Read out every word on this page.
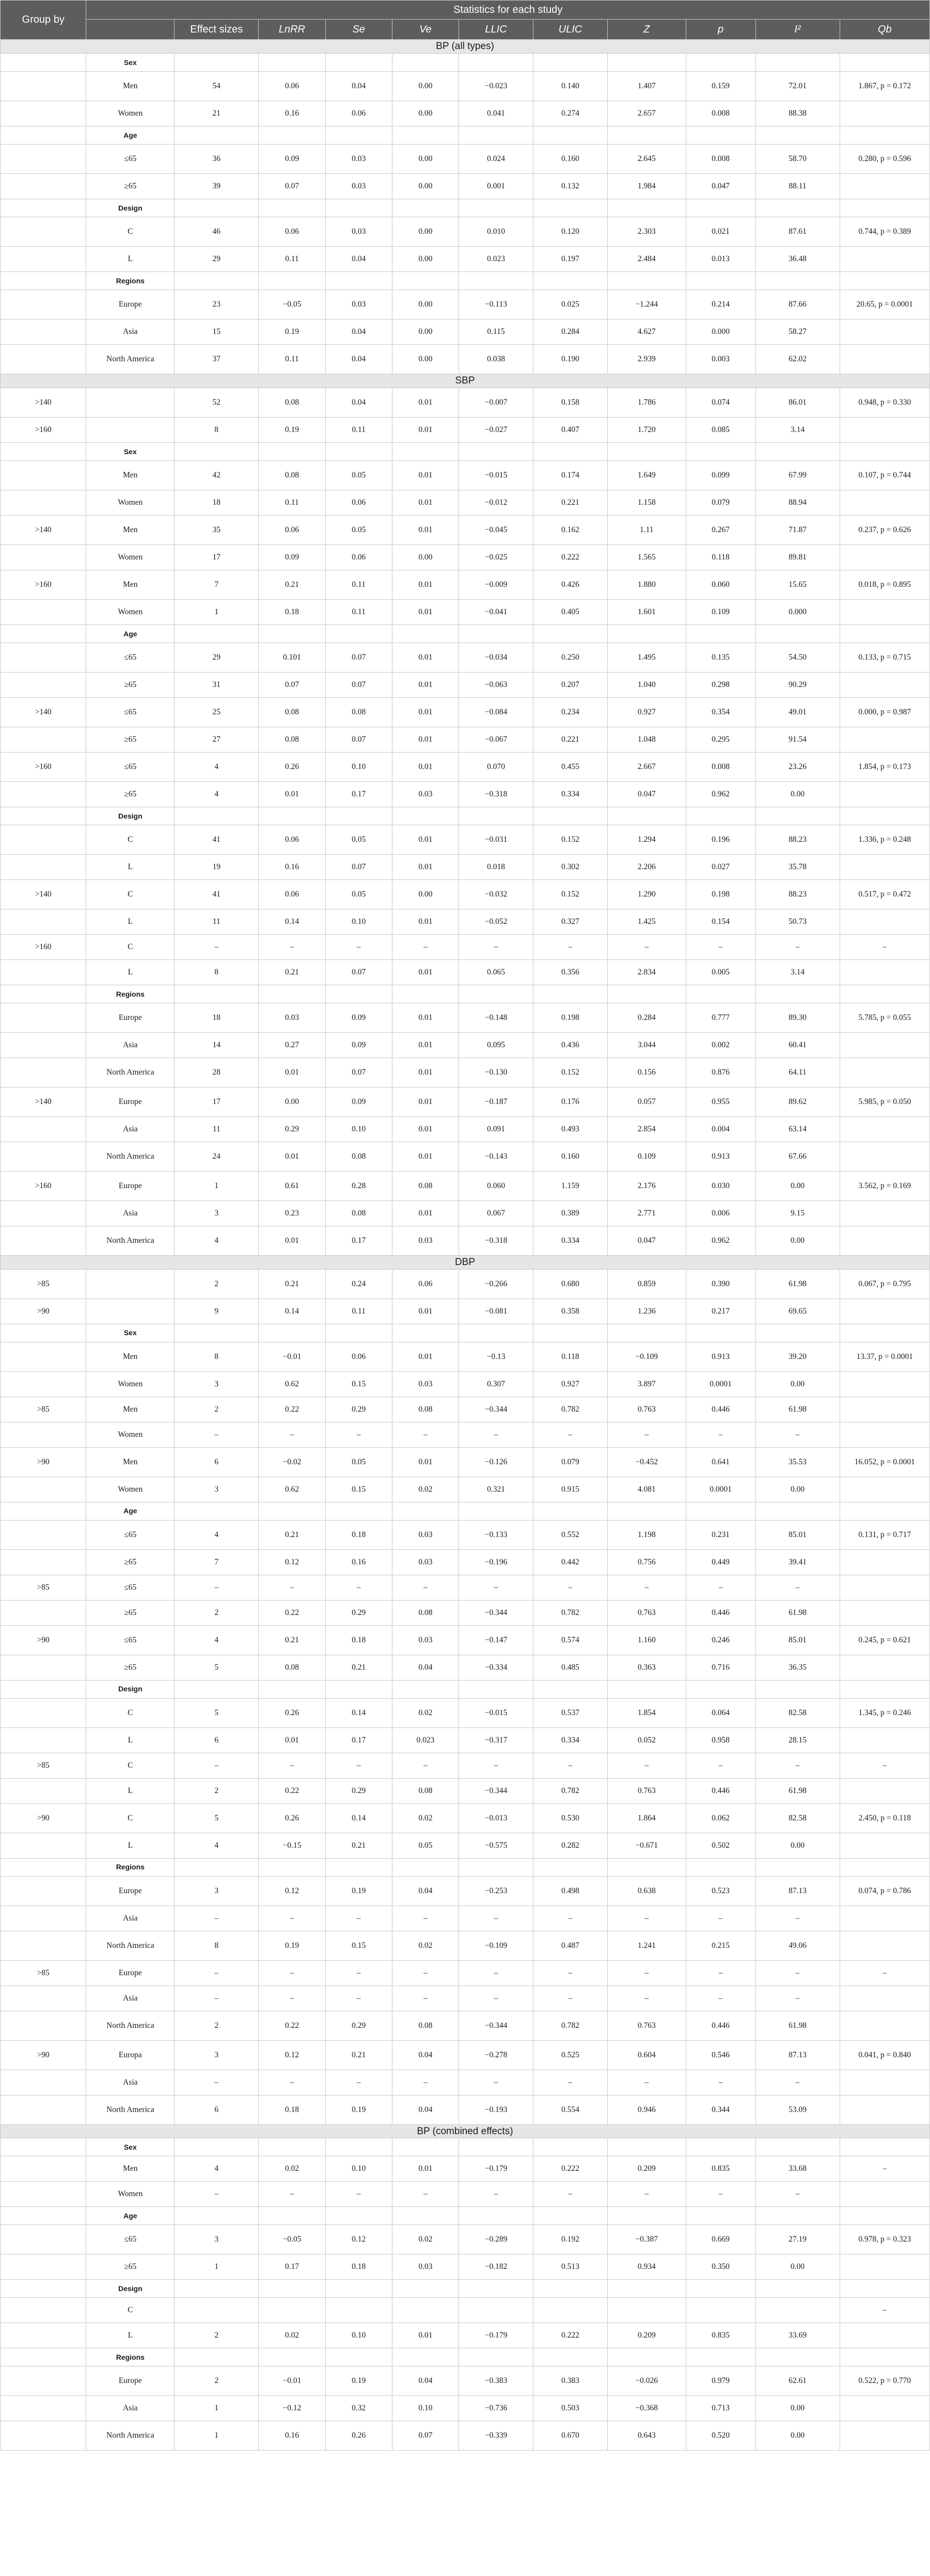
Group by	Statistics for each study										
		Effect sizes	LnRR	Se	Ve	LLIC	ULIC	Z	p	I²	Qb
BP (all types)											
	Sex										
	Men	54	0.06	0.04	0.00	−0.023	0.140	1.407	0.159	72.01	1.867, p = 0.172
	Women	21	0.16	0.06	0.00	0.041	0.274	2.657	0.008	88.38	
	Age										
	≤65	36	0.09	0.03	0.00	0.024	0.160	2.645	0.008	58.70	0.280, p = 0.596
	≥65	39	0.07	0.03	0.00	0.001	0.132	1.984	0.047	88.11	
	Design										
	C	46	0.06	0.03	0.00	0.010	0.120	2.303	0.021	87.61	0.744, p = 0.389
	L	29	0.11	0.04	0.00	0.023	0.197	2.484	0.013	36.48	
	Regions										
	Europe	23	−0.05	0.03	0.00	−0.113	0.025	−1.244	0.214	87.66	20.65, p = 0.0001
	Asia	15	0.19	0.04	0.00	0.115	0.284	4.627	0.000	58.27	
	North America	37	0.11	0.04	0.00	0.038	0.190	2.939	0.003	62.02	
SBP											
>140		52	0.08	0.04	0.01	−0.007	0.158	1.786	0.074	86.01	0.948, p = 0.330
>160		8	0.19	0.11	0.01	−0.027	0.407	1.720	0.085	3.14	
	Sex										
	Men	42	0.08	0.05	0.01	−0.015	0.174	1.649	0.099	67.99	0.107, p = 0.744
	Women	18	0.11	0.06	0.01	−0.012	0.221	1.158	0.079	88.94	
>140	Men	35	0.06	0.05	0.01	−0.045	0.162	1.11	0.267	71.87	0.237, p = 0.626
	Women	17	0.09	0.06	0.00	−0.025	0.222	1.565	0.118	89.81	
>160	Men	7	0.21	0.11	0.01	−0.009	0.426	1.880	0.060	15.65	0.018, p = 0.895
	Women	1	0.18	0.11	0.01	−0.041	0.405	1.601	0.109	0.000	
	Age										
	≤65	29	0.101	0.07	0.01	−0.034	0.250	1.495	0.135	54.50	0.133, p = 0.715
	≥65	31	0.07	0.07	0.01	−0.063	0.207	1.040	0.298	90.29	
>140	≤65	25	0.08	0.08	0.01	−0.084	0.234	0.927	0.354	49.01	0.000, p = 0.987
	≥65	27	0.08	0.07	0.01	−0.067	0.221	1.048	0.295	91.54	
>160	≤65	4	0.26	0.10	0.01	0.070	0.455	2.667	0.008	23.26	1.854, p = 0.173
	≥65	4	0.01	0.17	0.03	−0.318	0.334	0.047	0.962	0.00	
	Design										
	C	41	0.06	0.05	0.01	−0.031	0.152	1.294	0.196	88.23	1.336, p = 0.248
	L	19	0.16	0.07	0.01	0.018	0.302	2.206	0.027	35.78	
>140	C	41	0.06	0.05	0.00	−0.032	0.152	1.290	0.198	88.23	0.517, p = 0.472
	L	11	0.14	0.10	0.01	−0.052	0.327	1.425	0.154	50.73	
>160	C	–	–	–	–	–	–	–	–	–	–
	L	8	0.21	0.07	0.01	0.065	0.356	2.834	0.005	3.14	
	Regions										
	Europe	18	0.03	0.09	0.01	−0.148	0.198	0.284	0.777	89.30	5.785, p = 0.055
	Asia	14	0.27	0.09	0.01	0.095	0.436	3.044	0.002	60.41	
	North America	28	0.01	0.07	0.01	−0.130	0.152	0.156	0.876	64.11	
>140	Europe	17	0.00	0.09	0.01	−0.187	0.176	0.057	0.955	89.62	5.985, p = 0.050
	Asia	11	0.29	0.10	0.01	0.091	0.493	2.854	0.004	63.14	
	North America	24	0.01	0.08	0.01	−0.143	0.160	0.109	0.913	67.66	
>160	Europe	1	0.61	0.28	0.08	0.060	1.159	2.176	0.030	0.00	3.562, p = 0.169
	Asia	3	0.23	0.08	0.01	0.067	0.389	2.771	0.006	9.15	
	North America	4	0.01	0.17	0.03	−0.318	0.334	0.047	0.962	0.00	
DBP											
>85		2	0.21	0.24	0.06	−0.266	0.680	0.859	0.390	61.98	0.067, p = 0.795
>90		9	0.14	0.11	0.01	−0.081	0.358	1.236	0.217	69.65	
	Sex										
	Men	8	−0.01	0.06	0.01	−0.13	0.118	−0.109	0.913	39.20	13.37, p = 0.0001
	Women	3	0.62	0.15	0.03	0.307	0.927	3.897	0.0001	0.00	
>85	Men	2	0.22	0.29	0.08	−0.344	0.782	0.763	0.446	61.98	
	Women	–	–	–	–	–	–	–	–	–	
>90	Men	6	−0.02	0.05	0.01	−0.126	0.079	−0.452	0.641	35.53	16.052, p = 0.0001
	Women	3	0.62	0.15	0.02	0.321	0.915	4.081	0.0001	0.00	
	Age										
	≤65	4	0.21	0.18	0.03	−0.133	0.552	1.198	0.231	85.01	0.131, p = 0.717
	≥65	7	0.12	0.16	0.03	−0.196	0.442	0.756	0.449	39.41	
>85	≤65	–	–	–	–	–	–	–	–	–	
	≥65	2	0.22	0.29	0.08	−0.344	0.782	0.763	0.446	61.98	
>90	≤65	4	0.21	0.18	0.03	−0.147	0.574	1.160	0.246	85.01	0.245, p = 0.621
	≥65	5	0.08	0.21	0.04	−0.334	0.485	0.363	0.716	36.35	
	Design										
	C	5	0.26	0.14	0.02	−0.015	0.537	1.854	0.064	82.58	1.345, p = 0.246
	L	6	0.01	0.17	0.023	−0.317	0.334	0.052	0.958	28.15	
>85	C	–	–	–	–	–	–	–	–	–	–
	L	2	0.22	0.29	0.08	−0.344	0.782	0.763	0.446	61.98	
>90	C	5	0.26	0.14	0.02	−0.013	0.530	1.864	0.062	82.58	2.450, p = 0.118
	L	4	−0.15	0.21	0.05	−0.575	0.282	−0.671	0.502	0.00	
	Regions										
	Europe	3	0.12	0.19	0.04	−0.253	0.498	0.638	0.523	87.13	0.074, p = 0.786
	Asia	–	–	–	–	–	–	–	–	–	
	North America	8	0.19	0.15	0.02	−0.109	0.487	1.241	0.215	49.06	
>85	Europe	–	–	–	–	–	–	–	–	–	–
	Asia	–	–	–	–	–	–	–	–	–	
	North America	2	0.22	0.29	0.08	−0.344	0.782	0.763	0.446	61.98	
>90	Europa	3	0.12	0.21	0.04	−0.278	0.525	0.604	0.546	87.13	0.041, p = 0.840
	Asia	–	–	–	–	–	–	–	–	–	
	North America	6	0.18	0.19	0.04	−0.193	0.554	0.946	0.344	53.09	
BP (combined effects)											
	Sex										
	Men	4	0.02	0.10	0.01	−0.179	0.222	0.209	0.835	33.68	–
	Women	–	–	–	–	–	–	–	–	–	
	Age										
	≤65	3	−0.05	0.12	0.02	−0.289	0.192	−0.387	0.669	27.19	0.978, p = 0.323
	≥65	1	0.17	0.18	0.03	−0.182	0.513	0.934	0.350	0.00	
	Design										
	C										–
	L	2	0.02	0.10	0.01	−0.179	0.222	0.209	0.835	33.69	
	Regions										
	Europe	2	−0.01	0.19	0.04	−0.383	0.383	−0.026	0.979	62.61	0.522, p = 0.770
	Asia	1	−0.12	0.32	0.10	−0.736	0.503	−0.368	0.713	0.00	
	North America	1	0.16	0.26	0.07	−0.339	0.670	0.643	0.520	0.00	
